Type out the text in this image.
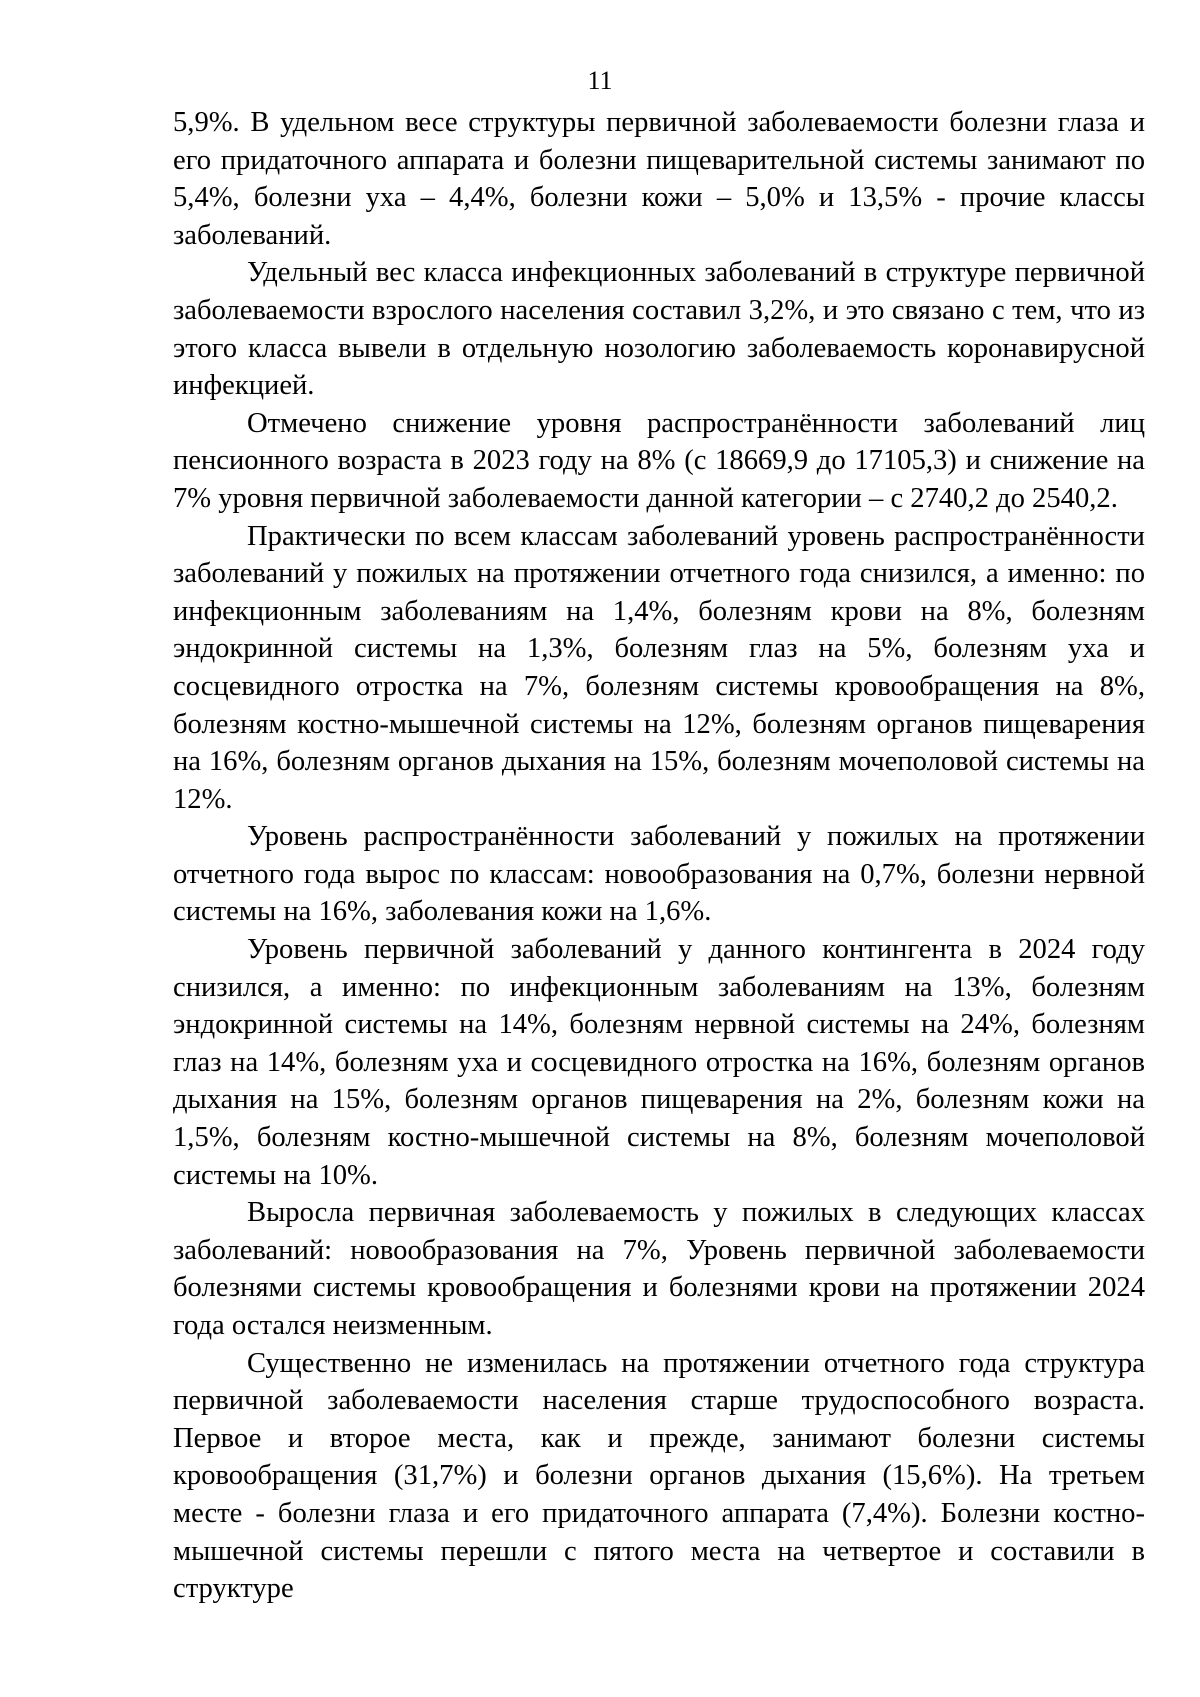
11

5,9%. В удельном весе структуры первичной заболеваемости болезни глаза и его придаточного аппарата и болезни пищеварительной системы занимают по 5,4%, болезни уха – 4,4%, болезни кожи – 5,0% и 13,5% - прочие классы заболеваний.

Удельный вес класса инфекционных заболеваний в структуре первичной заболеваемости взрослого населения составил 3,2%, и это связано с тем, что из этого класса вывели в отдельную нозологию заболеваемость коронавирусной инфекцией.

Отмечено снижение уровня распространённости заболеваний лиц пенсионного возраста в 2023 году на 8% (с 18669,9 до 17105,3) и снижение на 7% уровня первичной заболеваемости данной категории – с 2740,2 до 2540,2.

Практически по всем классам заболеваний уровень распространённости заболеваний у пожилых на протяжении отчетного года снизился, а именно: по инфекционным заболеваниям на 1,4%, болезням крови на 8%, болезням эндокринной системы на 1,3%, болезням глаз на 5%, болезням уха и сосцевидного отростка на 7%, болезням системы кровообращения на 8%, болезням костно-мышечной системы на 12%, болезням органов пищеварения на 16%, болезням органов дыхания на 15%, болезням мочеполовой системы на 12%.

Уровень распространённости заболеваний у пожилых на протяжении отчетного года вырос по классам: новообразования на 0,7%, болезни нервной системы на 16%, заболевания кожи на 1,6%.

Уровень первичной заболеваний у данного контингента в 2024 году снизился, а именно: по инфекционным заболеваниям на 13%, болезням эндокринной системы на 14%, болезням нервной системы на 24%, болезням глаз на 14%, болезням уха и сосцевидного отростка на 16%, болезням органов дыхания на 15%, болезням органов пищеварения на 2%, болезням кожи на 1,5%, болезням костно-мышечной системы на 8%, болезням мочеполовой системы на 10%.

Выросла первичная заболеваемость у пожилых в следующих классах заболеваний: новообразования на 7%, Уровень первичной заболеваемости болезнями системы кровообращения и болезнями крови на протяжении 2024 года остался неизменным.

Существенно не изменилась на протяжении отчетного года структура первичной заболеваемости населения старше трудоспособного возраста. Первое и второе места, как и прежде, занимают болезни системы кровообращения (31,7%) и болезни органов дыхания (15,6%). На третьем месте - болезни глаза и его придаточного аппарата (7,4%). Болезни костно-мышечной системы перешли с пятого места на четвертое и составили в структуре
